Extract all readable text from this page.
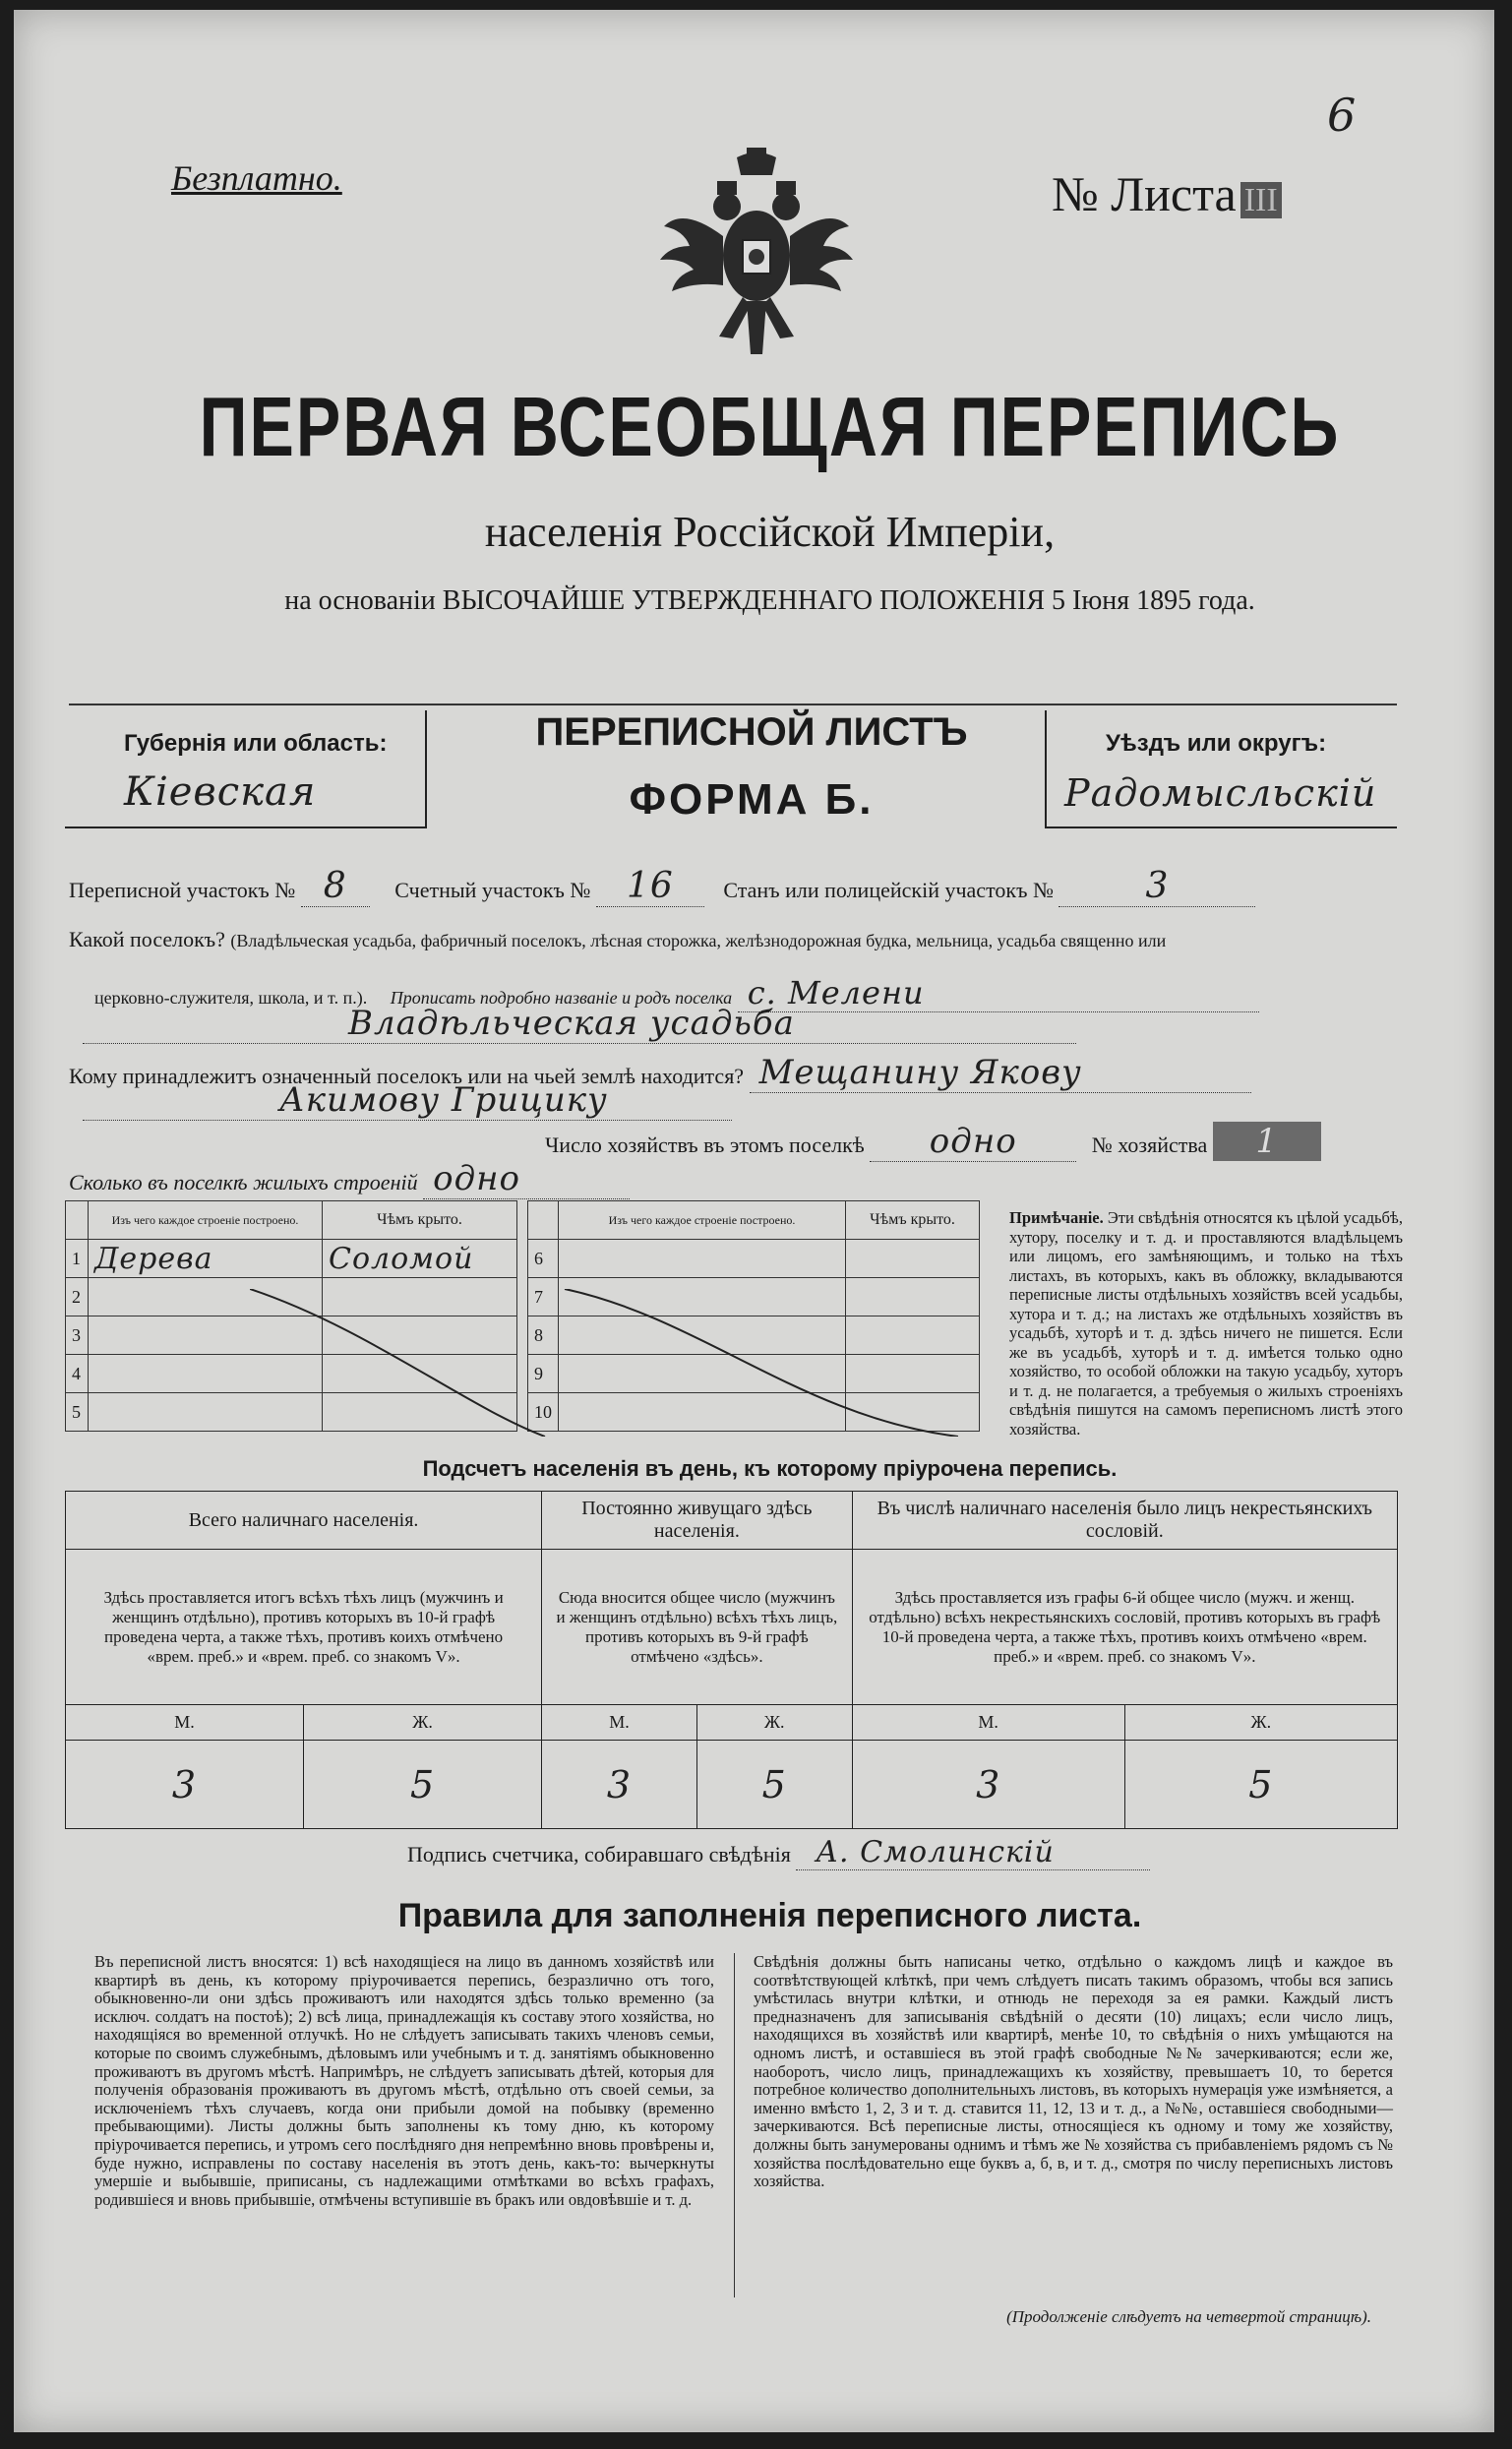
Безплатно.
6
№ Листа III
ПЕРВАЯ ВСЕОБЩАЯ ПЕРЕПИСЬ
населенія Россійской Имперіи,
на основаніи ВЫСОЧАЙШЕ УТВЕРЖДЕННАГО ПОЛОЖЕНІЯ 5 Іюня 1895 года.
Губернія или область:
Кіевская
ПЕРЕПИСНОЙ ЛИСТЪ
ФОРМА Б.
Уѣздъ или округъ:
Радомысльскій
Переписной участокъ № 8 Счетный участокъ № 16 Станъ или полицейскій участокъ №	3
Какой поселокъ? (Владѣльческая усадьба, фабричный поселокъ, лѣсная сторожка, желѣзнодорожная будка, мельница, усадьба священно или
церковно-служителя, школа, и т. п.). Прописать подробно названіе и родъ поселка с. Мелени
Владѣльческая усадьба
Кому принадлежитъ означенный поселокъ или на чьей землѣ находится? Мещанину Якову
Акимову Грицику
Число хозяйствъ въ этомъ поселкѣ одно	№ хозяйства 1
Сколько въ поселкѣ жилыхъ строеній одно
	Изъ чего каждое строеніе построено.	Чѣмъ крыто.
1	Дерева	Соломой
2		
3		
4		
5		
	Изъ чего каждое строеніе построено.	Чѣмъ крыто.
6		
7		
8		
9		
10		
Примѣчаніе. Эти свѣдѣнія относятся къ цѣлой усадьбѣ, хутору, поселку и т. д. и проставляются владѣльцемъ или лицомъ, его замѣняющимъ, и только на тѣхъ листахъ, въ которыхъ, какъ въ обложку, вкладываются переписные листы отдѣльныхъ хозяйствъ всей усадьбы, хутора и т. д.; на листахъ же отдѣльныхъ хозяйствъ въ усадьбѣ, хуторѣ и т. д. здѣсь ничего не пишется. Если же въ усадьбѣ, хуторѣ и т. д. имѣется только одно хозяйство, то особой обложки на такую усадьбу, хуторъ и т. д. не полагается, а требуемыя о жилыхъ строеніяхъ свѣдѣнія пишутся на самомъ переписномъ листѣ этого хозяйства.
Подсчетъ населенія въ день, къ которому пріурочена перепись.
Всего наличнаго населенія.		Постоянно живущаго здѣсь населенія.		Въ числѣ наличнаго населенія было лицъ некрестьянскихъ сословій.	
Здѣсь проставляется итогъ всѣхъ тѣхъ лицъ (мужчинъ и женщинъ отдѣльно), противъ которыхъ въ 10-й графѣ проведена черта, а также тѣхъ, противъ коихъ отмѣчено «врем. преб.» и «врем. преб. со знакомъ V».		Сюда вносится общее число (мужчинъ и женщинъ отдѣльно) всѣхъ тѣхъ лицъ, противъ которыхъ въ 9-й графѣ отмѣчено «здѣсь».		Здѣсь проставляется изъ графы 6-й общее число (мужч. и женщ. отдѣльно) всѣхъ некрестьянскихъ сословій, противъ которыхъ въ графѣ 10-й проведена черта, а также тѣхъ, противъ коихъ отмѣчено «врем. преб.» и «врем. преб. со знакомъ V».	
М.	Ж.	М.	Ж.	М.	Ж.
3	5	3	5	3	5
Подпись счетчика, собиравшаго свѣдѣнія А. Смолинскій
Правила для заполненія переписного листа.
Въ переписной листъ вносятся: 1) всѣ находящіеся на лицо въ данномъ хозяйствѣ или квартирѣ въ день, къ которому пріурочивается перепись, безразлично отъ того, обыкновенно-ли они здѣсь проживаютъ или находятся здѣсь только временно (за исключ. солдатъ на постоѣ); 2) всѣ лица, принадлежащія къ составу этого хозяйства, но находящіяся во временной отлучкѣ. Но не слѣдуетъ записывать такихъ членовъ семьи, которые по своимъ служебнымъ, дѣловымъ или учебнымъ и т. д. занятіямъ обыкновенно проживаютъ въ другомъ мѣстѣ. Напримѣръ, не слѣдуетъ записывать дѣтей, которыя для полученія образованія проживаютъ въ другомъ мѣстѣ, отдѣльно отъ своей семьи, за исключеніемъ тѣхъ случаевъ, когда они прибыли домой на побывку (временно пребывающими). Листы должны быть заполнены къ тому дню, къ которому пріурочивается перепись, и утромъ сего послѣдняго дня непремѣнно вновь провѣрены и, буде нужно, исправлены по составу населенія въ этотъ день, какъ-то: вычеркнуты умершіе и выбывшіе, приписаны, съ надлежащими отмѣтками во всѣхъ графахъ, родившіеся и вновь прибывшіе, отмѣчены вступившіе въ бракъ или овдовѣвшіе и т. д.
Свѣдѣнія должны быть написаны четко, отдѣльно о каждомъ лицѣ и каждое въ соотвѣтствующей клѣткѣ, при чемъ слѣдуетъ писать такимъ образомъ, чтобы вся запись умѣстилась внутри клѣтки, и отнюдь не переходя за ея рамки. Каждый листъ предназначенъ для записыванія свѣдѣній о десяти (10) лицахъ; если число лицъ, находящихся въ хозяйствѣ или квартирѣ, менѣе 10, то свѣдѣнія о нихъ умѣщаются на одномъ листѣ, и оставшіеся въ этой графѣ свободные №№ зачеркиваются; если же, наоборотъ, число лицъ, принадлежащихъ къ хозяйству, превышаетъ 10, то берется потребное количество дополнительныхъ листовъ, въ которыхъ нумерація уже измѣняется, а именно вмѣсто 1, 2, 3 и т. д. ставится 11, 12, 13 и т. д., а №№, оставшіеся свободными—зачеркиваются. Всѣ переписные листы, относящіеся къ одному и тому же хозяйству, должны быть занумерованы однимъ и тѣмъ же № хозяйства съ прибавленіемъ рядомъ съ № хозяйства послѣдовательно еще буквъ а, б, в, и т. д., смотря по числу переписныхъ листовъ хозяйства.
(Продолженіе слѣдуетъ на четвертой страницѣ).
